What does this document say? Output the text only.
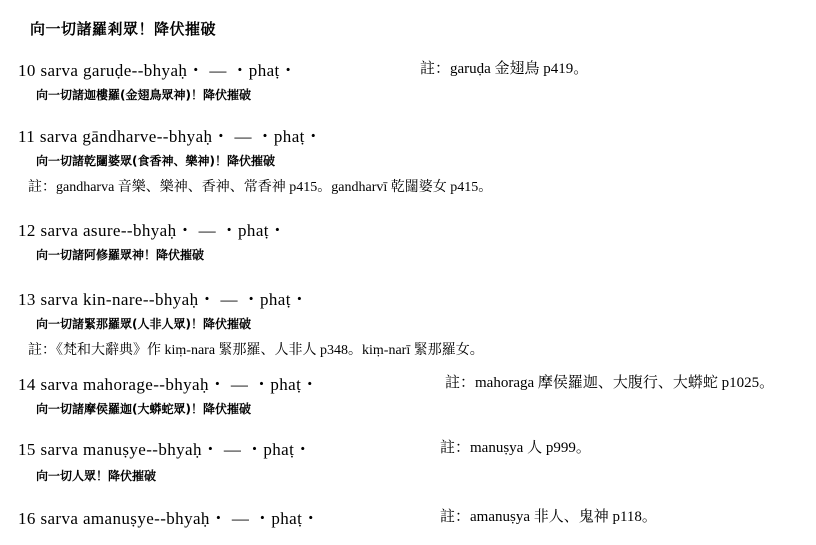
向一切諸羅剎眾！降伏摧破
10 sarva garuḍe--bhyaḥ・ — ・phaṭ・	註：garuḍa 金翅鳥 p419。
向一切諸迦樓羅(金翅鳥眾神)！降伏摧破
11 sarva gāndharve--bhyaḥ・ — ・phaṭ・
向一切諸乾闥婆眾(食香神、樂神)！降伏摧破
註：gandharva 音樂、樂神、香神、常香神 p415。gandharvī 乾闥婆女 p415。
12 sarva asure--bhyaḥ・ — ・phaṭ・
向一切諸阿修羅眾神！降伏摧破
13 sarva kin-nare--bhyaḥ・ — ・phaṭ・
向一切諸緊那羅眾(人非人眾)！降伏摧破
註：《梵和大辭典》作 kiṃ-nara 緊那羅、人非人 p348。kiṃ-narī 緊那羅女。
14 sarva mahorage--bhyaḥ・ — ・phaṭ・	註：mahoraga 摩侯羅迦、大腹行、大蟒蛇 p1025。
向一切諸摩侯羅迦(大蟒蛇眾)！降伏摧破
15 sarva manuṣye--bhyaḥ・ — ・phaṭ・	註：manuṣya 人 p999。
向一切人眾！降伏摧破
16 sarva amanuṣye--bhyaḥ・ — ・phaṭ・	註：amanuṣya 非人、鬼神 p118。
